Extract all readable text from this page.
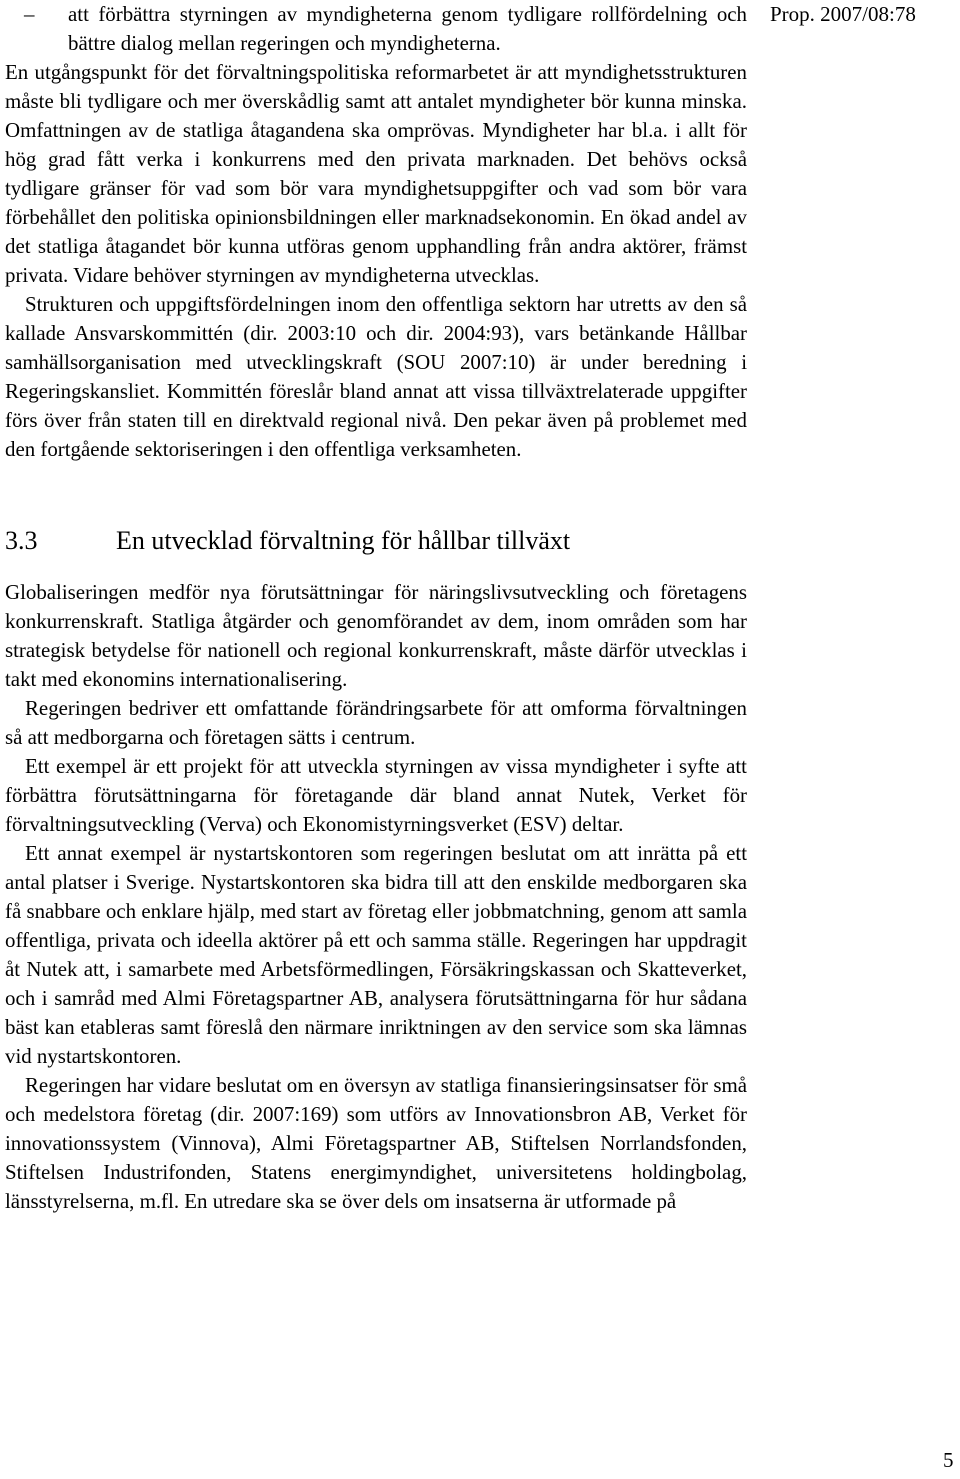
Prop. 2007/08:78
– att förbättra styrningen av myndigheterna genom tydligare rollfördelning och bättre dialog mellan regeringen och myndigheterna.

En utgångspunkt för det förvaltningspolitiska reformarbetet är att myndighetsstrukturen måste bli tydligare och mer överskådlig samt att antalet myndigheter bör kunna minska. Omfattningen av de statliga åtagandena ska omprövas. Myndigheter har bl.a. i allt för hög grad fått verka i konkurrens med den privata marknaden. Det behövs också tydligare gränser för vad som bör vara myndighetsuppgifter och vad som bör vara förbehållet den politiska opinionsbildningen eller marknadsekonomin. En ökad andel av det statliga åtagandet bör kunna utföras genom upphandling från andra aktörer, främst privata. Vidare behöver styrningen av myndigheterna utvecklas.

Strukturen och uppgiftsfördelningen inom den offentliga sektorn har utretts av den så kallade Ansvarskommittén (dir. 2003:10 och dir. 2004:93), vars betänkande Hållbar samhällsorganisation med utvecklingskraft (SOU 2007:10) är under beredning i Regeringskansliet. Kommittén föreslår bland annat att vissa tillväxtrelaterade uppgifter förs över från staten till en direktvald regional nivå. Den pekar även på problemet med den fortgående sektoriseringen i den offentliga verksamheten.

3.3	En utvecklad förvaltning för hållbar tillväxt

Globaliseringen medför nya förutsättningar för näringslivsutveckling och företagens konkurrenskraft. Statliga åtgärder och genomförandet av dem, inom områden som har strategisk betydelse för nationell och regional konkurrenskraft, måste därför utvecklas i takt med ekonomins internationalisering.

Regeringen bedriver ett omfattande förändringsarbete för att omforma förvaltningen så att medborgarna och företagen sätts i centrum.

Ett exempel är ett projekt för att utveckla styrningen av vissa myndigheter i syfte att förbättra förutsättningarna för företagande där bland annat Nutek, Verket för förvaltningsutveckling (Verva) och Ekonomistyrningsverket (ESV) deltar.

Ett annat exempel är nystartskontoren som regeringen beslutat om att inrätta på ett antal platser i Sverige. Nystartskontoren ska bidra till att den enskilde medborgaren ska få snabbare och enklare hjälp, med start av företag eller jobbmatchning, genom att samla offentliga, privata och ideella aktörer på ett och samma ställe. Regeringen har uppdragit åt Nutek att, i samarbete med Arbetsförmedlingen, Försäkringskassan och Skatteverket, och i samråd med Almi Företagspartner AB, analysera förutsättningarna för hur sådana bäst kan etableras samt föreslå den närmare inriktningen av den service som ska lämnas vid nystartskontoren.

Regeringen har vidare beslutat om en översyn av statliga finansieringsinsatser för små och medelstora företag (dir. 2007:169) som utförs av Innovationsbron AB, Verket för innovationssystem (Vinnova), Almi Företagspartner AB, Stiftelsen Norrlandsfonden, Stiftelsen Industrifonden, Statens energimyndighet, universitetens holdingbolag, länsstyrelserna, m.fl. En utredare ska se över dels om insatserna är utformade på

5
